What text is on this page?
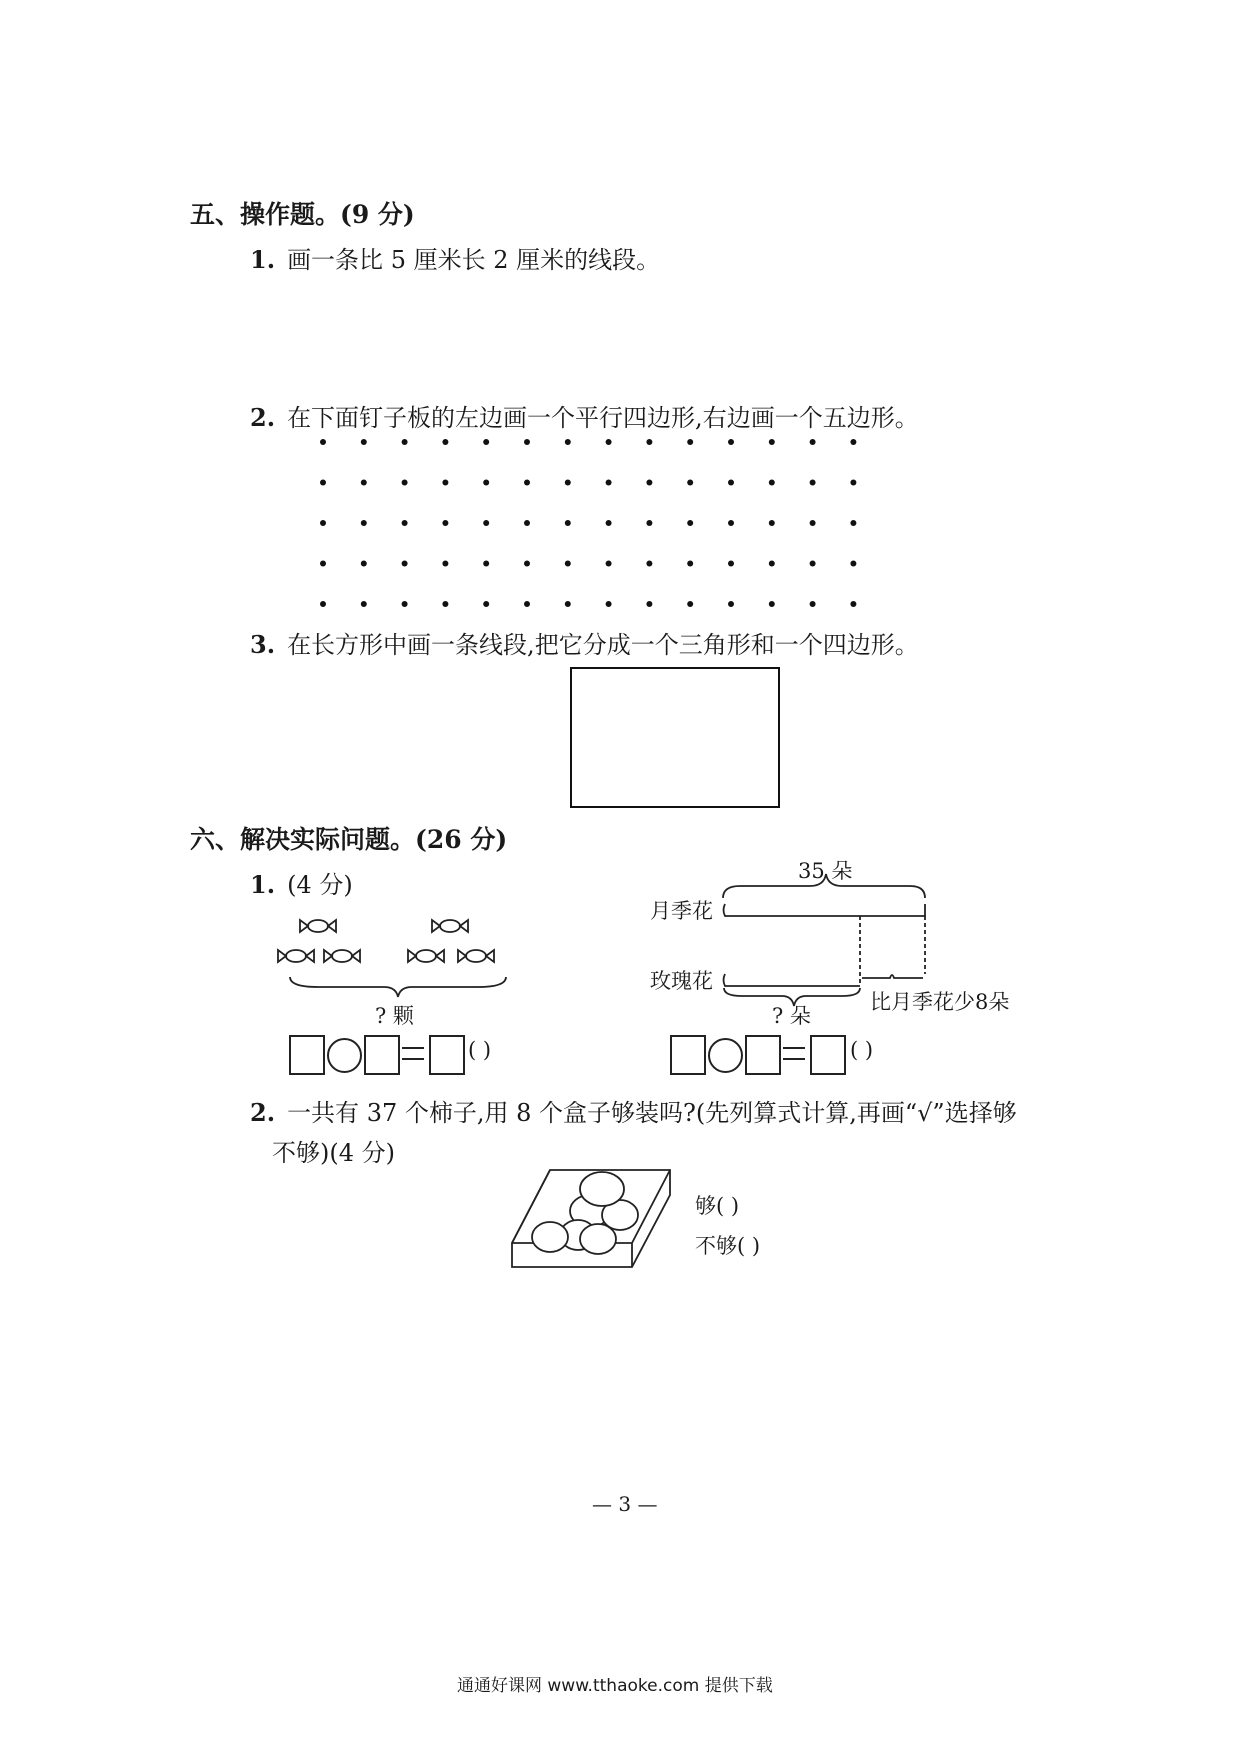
五、操作题。(9 分)
1. 画一条比 5 厘米长 2 厘米的线段。
2. 在下面钉子板的左边画一个平行四边形,右边画一个五边形。
3. 在长方形中画一条线段,把它分成一个三角形和一个四边形。
六、解决实际问题。(26 分)
1. (4 分)
? 颗
( )
35 朵
月季花
玫瑰花
? 朵
比月季花少8朵
( )
2. 一共有 37 个柿子,用 8 个盒子够装吗?(先列算式计算,再画“√”选择够
不够)(4 分)
够( )
不够( )
— 3 —
通通好课网 www.tthaoke.com 提供下载
